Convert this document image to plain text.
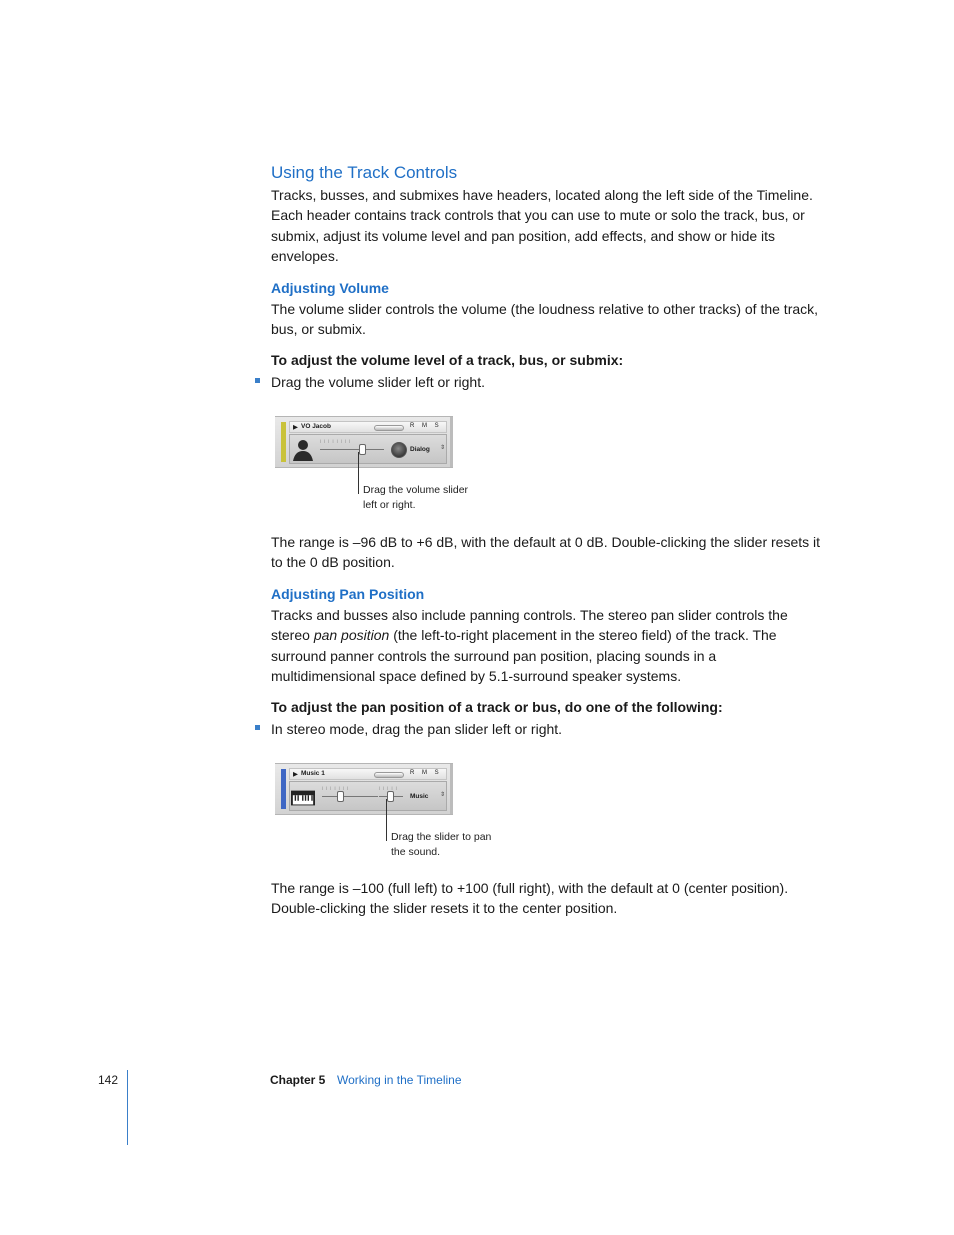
Using the Track Controls
Tracks, busses, and submixes have headers, located along the left side of the Timeline. Each header contains track controls that you can use to mute or solo the track, bus, or submix, adjust its volume level and pan position, add effects, and show or hide its envelopes.
Adjusting Volume
The volume slider controls the volume (the loudness relative to other tracks) of the track, bus, or submix.
To adjust the volume level of a track, bus, or submix:
Drag the volume slider left or right.
▶ VO Jacob	R M S
| | | | | | | |
Dialog ⇕
Drag the volume slider
left or right.
The range is –96 dB to +6 dB, with the default at 0 dB. Double-clicking the slider resets it to the 0 dB position.
Adjusting Pan Position
Tracks and busses also include panning controls. The stereo pan slider controls the stereo pan position (the left-to-right placement in the stereo field) of the track. The surround panner controls the surround pan position, placing sounds in a multidimensional space defined by 5.1-surround speaker systems.
To adjust the pan position of a track or bus, do one of the following:
In stereo mode, drag the pan slider left or right.
▶ Music 1	R M S
| | | | | | |	| | | | |
Music ⇕
Drag the slider to pan
the sound.
The range is –100 (full left) to +100 (full right), with the default at 0 (center position). Double-clicking the slider resets it to the center position.
142	Chapter 5 Working in the Timeline
